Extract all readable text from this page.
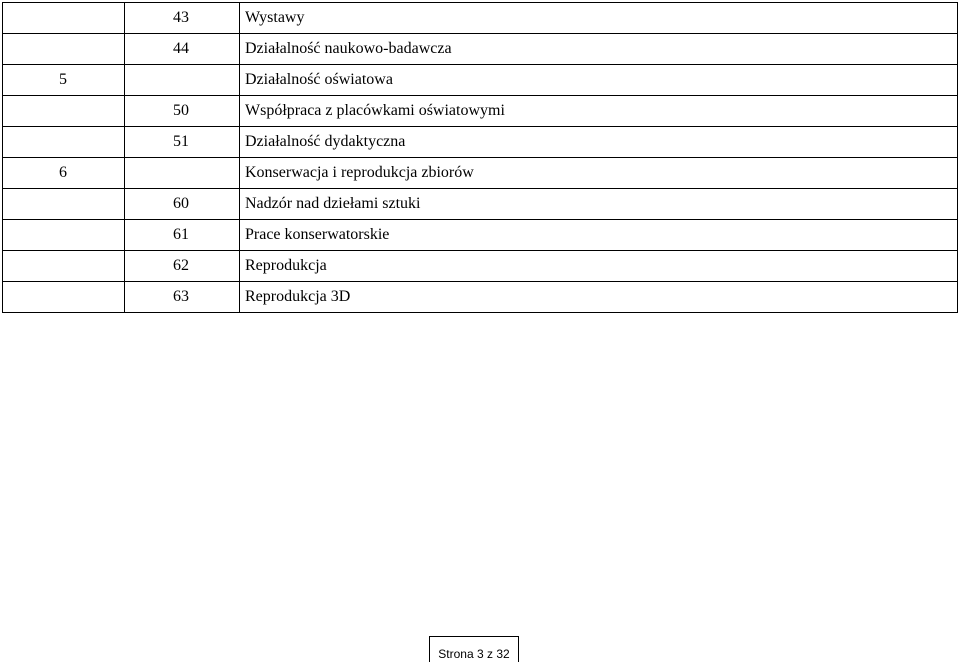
	43	Wystawy
	44	Działalność naukowo-badawcza
5		Działalność oświatowa
	50	Współpraca z placówkami oświatowymi
	51	Działalność dydaktyczna
6		Konserwacja i reprodukcja zbiorów
	60	Nadzór nad dziełami sztuki
	61	Prace konserwatorskie
	62	Reprodukcja
	63	Reprodukcja 3D
Strona 3 z 32
